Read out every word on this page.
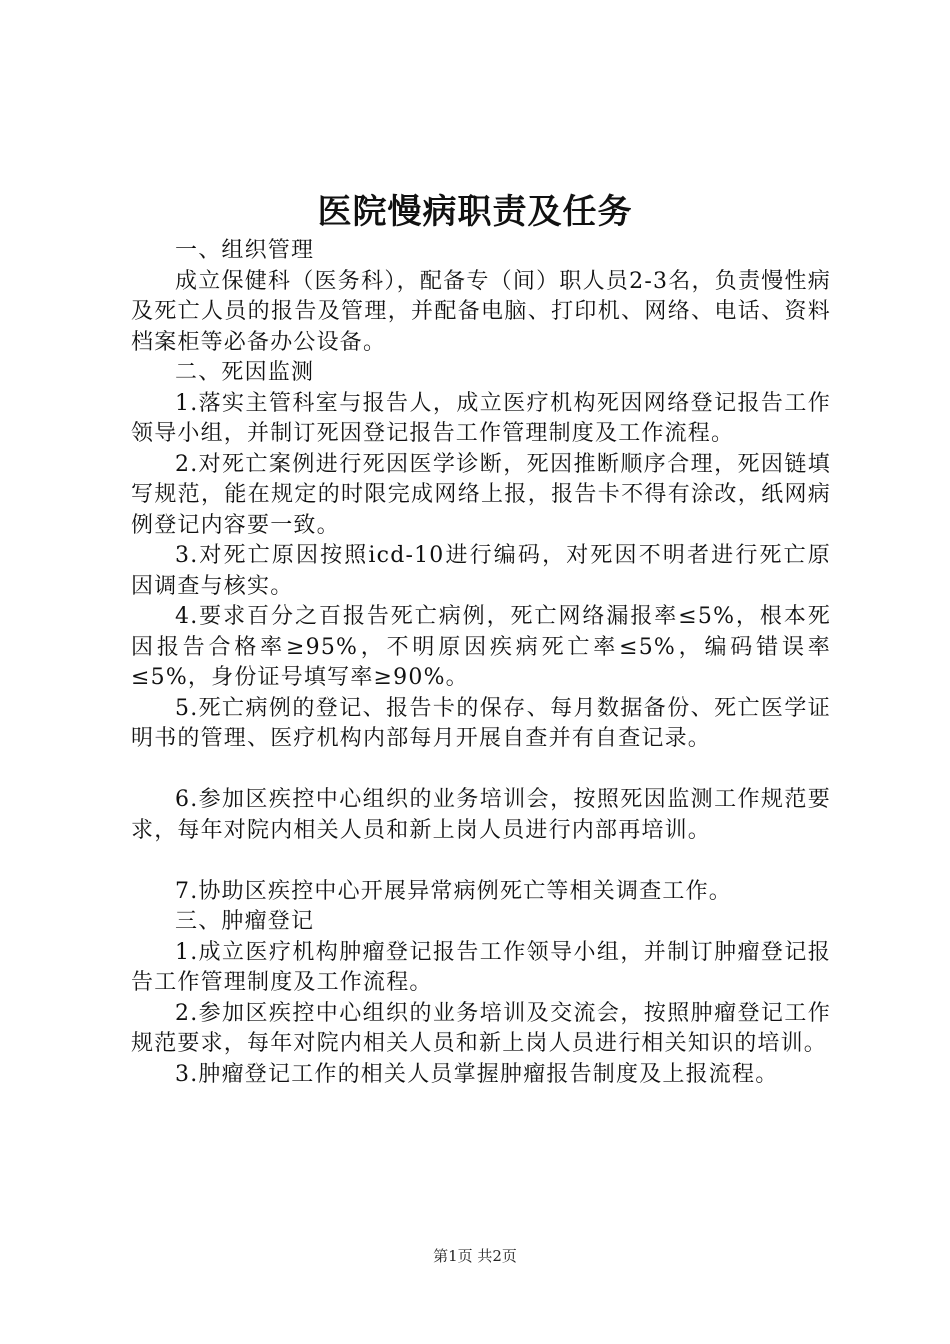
医院慢病职责及任务

一、组织管理

成立保健科（医务科），配备专（间）职人员2-3名，负责慢性病及死亡人员的报告及管理，并配备电脑、打印机、网络、电话、资料档案柜等必备办公设备。

二、死因监测

1.落实主管科室与报告人，成立医疗机构死因网络登记报告工作领导小组，并制订死因登记报告工作管理制度及工作流程。

2.对死亡案例进行死因医学诊断，死因推断顺序合理，死因链填写规范，能在规定的时限完成网络上报，报告卡不得有涂改，纸网病例登记内容要一致。

3.对死亡原因按照icd-10进行编码，对死因不明者进行死亡原因调查与核实。

4.要求百分之百报告死亡病例，死亡网络漏报率≤5%，根本死因报告合格率≥95%，不明原因疾病死亡率≤5%，编码错误率≤5%，身份证号填写率≥90%。

5.死亡病例的登记、报告卡的保存、每月数据备份、死亡医学证明书的管理、医疗机构内部每月开展自查并有自查记录。

6.参加区疾控中心组织的业务培训会，按照死因监测工作规范要求，每年对院内相关人员和新上岗人员进行内部再培训。

7.协助区疾控中心开展异常病例死亡等相关调查工作。

三、肿瘤登记

1.成立医疗机构肿瘤登记报告工作领导小组，并制订肿瘤登记报告工作管理制度及工作流程。

2.参加区疾控中心组织的业务培训及交流会，按照肿瘤登记工作规范要求，每年对院内相关人员和新上岗人员进行相关知识的培训。

3.肿瘤登记工作的相关人员掌握肿瘤报告制度及上报流程。

第1页 共2页
